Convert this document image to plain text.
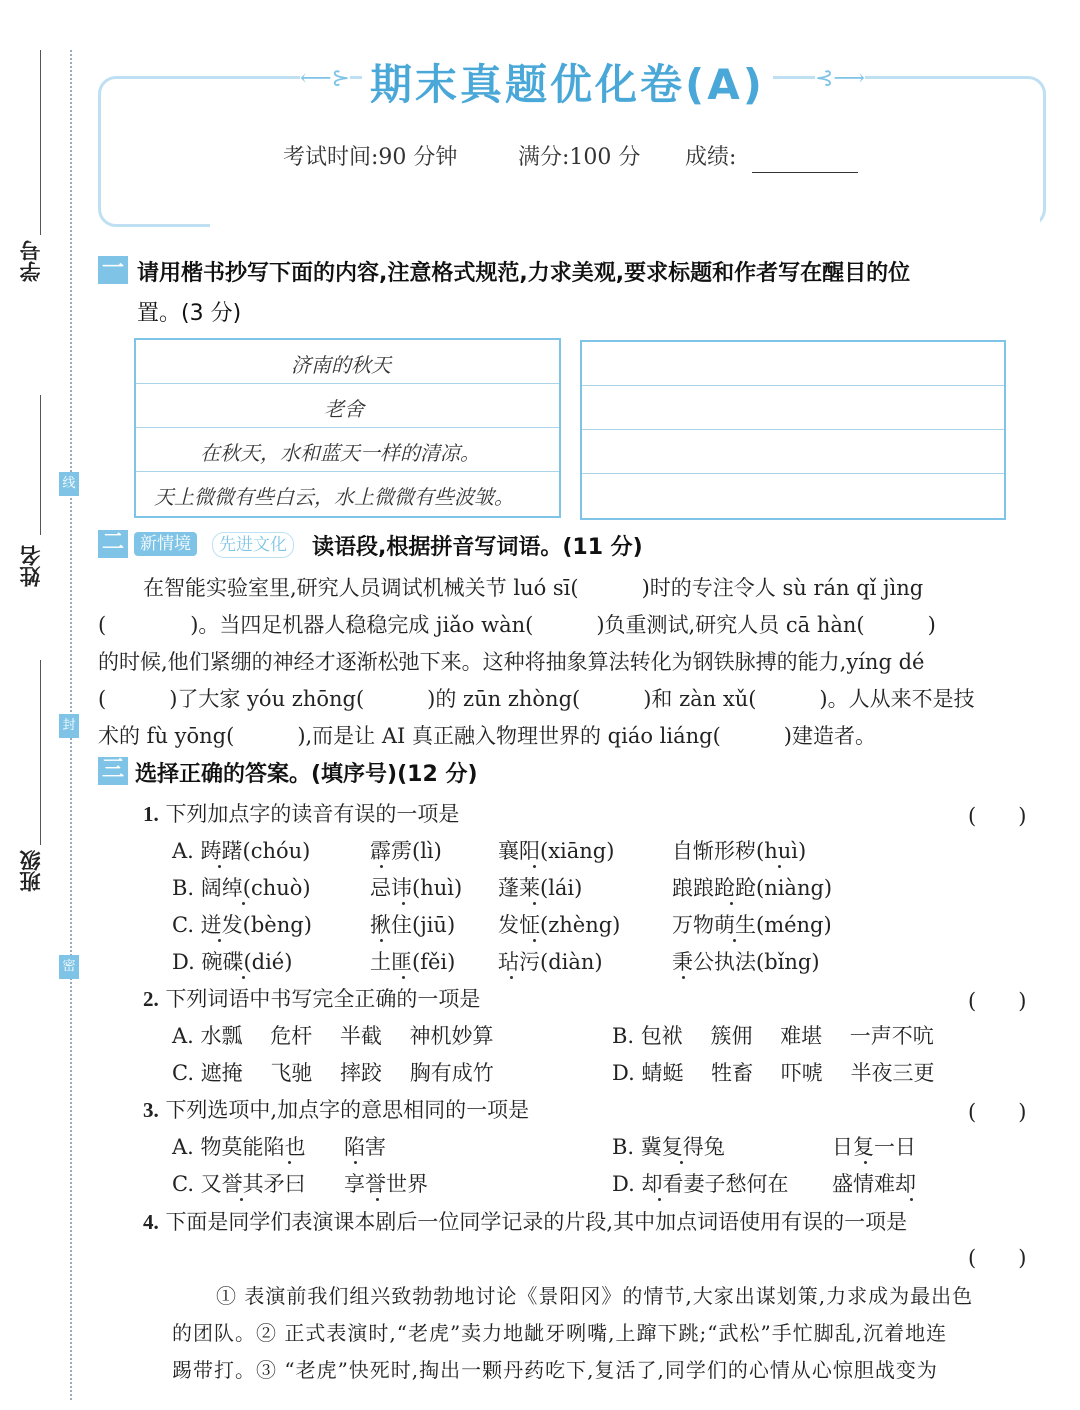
学号
姓名
班级
线
封
密
⟵⊱ 期末真题优化卷(A)	⊰⟶
考试时间:90 分钟	满分:100 分 成绩:
一 请用楷书抄写下面的内容,注意格式规范,力求美观,要求标题和作者写在醒目的位
置。(3 分)
济南的秋天
老舍
在秋天，水和蓝天一样的清凉。
天上微微有些白云，水上微微有些波皱。
二 新情境	先进文化	读语段,根据拼音写词语。(11 分)
在智能实验室里,研究人员调试机械关节 luó sī(　　　)时的专注令人 sù rán qǐ jìng
(　　　　)。当四足机器人稳稳完成 jiǎo wàn(　　　)负重测试,研究人员 cā hàn(　　　)
的时候,他们紧绷的神经才逐渐松弛下来。这种将抽象算法转化为钢铁脉搏的能力,yíng dé
(　　　)了大家 yóu zhōng(　　　)的 zūn zhòng(　　　)和 zàn xǔ(　　　)。人从来不是技
术的 fù yōng(　　　),而是让 AI 真正融入物理世界的 qiáo liáng(　　　)建造者。
三 选择正确的答案。(填序号)(12 分)
1. 下列加点字的读音有误的一项是	(　　)
A. 踌躇(chóu)	霹雳(lì)	襄阳(xiāng)	自惭形秽(huì)
B. 阔绰(chuò)	忌讳(huì) 蓬莱(lái)	踉踉跄跄(niàng)
C. 迸发(bèng)	揪住(jiū) 发怔(zhèng) 万物萌生(méng)
D. 碗碟(dié)	土匪(fěi) 玷污(diàn)	秉公执法(bǐng)
2. 下列词语中书写完全正确的一项是	(　　)
A. 水瓢　 危杆　 半截　 神机妙算	B. 包袱　 簇佣　 难堪　 一声不吭
C. 遮掩　 飞驰　 摔跤　 胸有成竹	D. 蜻蜓　 牲畜　 吓唬　 半夜三更
3. 下列选项中,加点字的意思相同的一项是	(　　)
A. 物莫能陷也 陷害	B. 冀复得兔	日复一日
C. 又誉其矛曰 享誉世界	D. 却看妻子愁何在 盛情难却
4. 下面是同学们表演课本剧后一位同学记录的片段,其中加点词语使用有误的一项是
(　　)
① 表演前我们组兴致勃勃地讨论《景阳冈》的情节,大家出谋划策,力求成为最出色
的团队。② 正式表演时,“老虎”卖力地龇牙咧嘴,上蹿下跳;“武松”手忙脚乱,沉着地连
踢带打。③ “老虎”快死时,掏出一颗丹药吃下,复活了,同学们的心情从心惊胆战变为
